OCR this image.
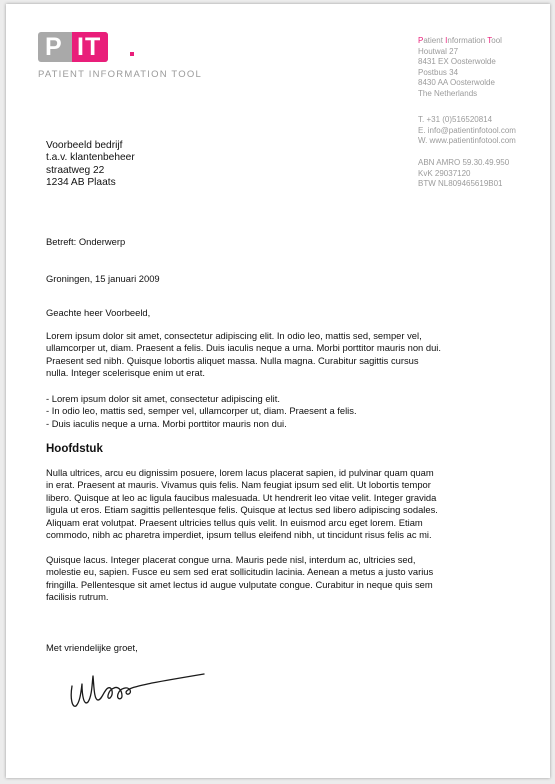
P IT
PATIENT INFORMATION TOOL
Patient Information Tool
Houtwal 27
8431 EX Oosterwolde
Postbus 34
8430 AA Oosterwolde
The Netherlands
T. +31 (0)516520814
E. info@patientinfotool.com
W. www.patientinfotool.com
ABN AMRO 59.30.49.950
KvK 29037120
BTW NL809465619B01
Voorbeeld bedrijf
t.a.v. klantenbeheer
straatweg 22
1234 AB Plaats
Betreft: Onderwerp
Groningen, 15 januari 2009
Geachte heer Voorbeeld,
Lorem ipsum dolor sit amet, consectetur adipiscing elit. In odio leo, mattis sed, semper vel,
ullamcorper ut, diam. Praesent a felis. Duis iaculis neque a urna. Morbi porttitor mauris non dui.
Praesent sed nibh. Quisque lobortis aliquet massa. Nulla magna. Curabitur sagittis cursus
nulla. Integer scelerisque enim ut erat.
- Lorem ipsum dolor sit amet, consectetur adipiscing elit.
- In odio leo, mattis sed, semper vel, ullamcorper ut, diam. Praesent a felis.
- Duis iaculis neque a urna. Morbi porttitor mauris non dui.
Hoofdstuk
Nulla ultrices, arcu eu dignissim posuere, lorem lacus placerat sapien, id pulvinar quam quam
in erat. Praesent at mauris. Vivamus quis felis. Nam feugiat ipsum sed elit. Ut lobortis tempor
libero. Quisque at leo ac ligula faucibus malesuada. Ut hendrerit leo vitae velit. Integer gravida
ligula ut eros. Etiam sagittis pellentesque felis. Quisque at lectus sed libero adipiscing sodales.
Aliquam erat volutpat. Praesent ultricies tellus quis velit. In euismod arcu eget lorem. Etiam
commodo, nibh ac pharetra imperdiet, ipsum tellus eleifend nibh, ut tincidunt risus felis ac mi.
Quisque lacus. Integer placerat congue urna. Mauris pede nisl, interdum ac, ultricies sed,
molestie eu, sapien. Fusce eu sem sed erat sollicitudin lacinia. Aenean a metus a justo varius
fringilla. Pellentesque sit amet lectus id augue vulputate congue. Curabitur in neque quis sem
facilisis rutrum.
Met vriendelijke groet,
